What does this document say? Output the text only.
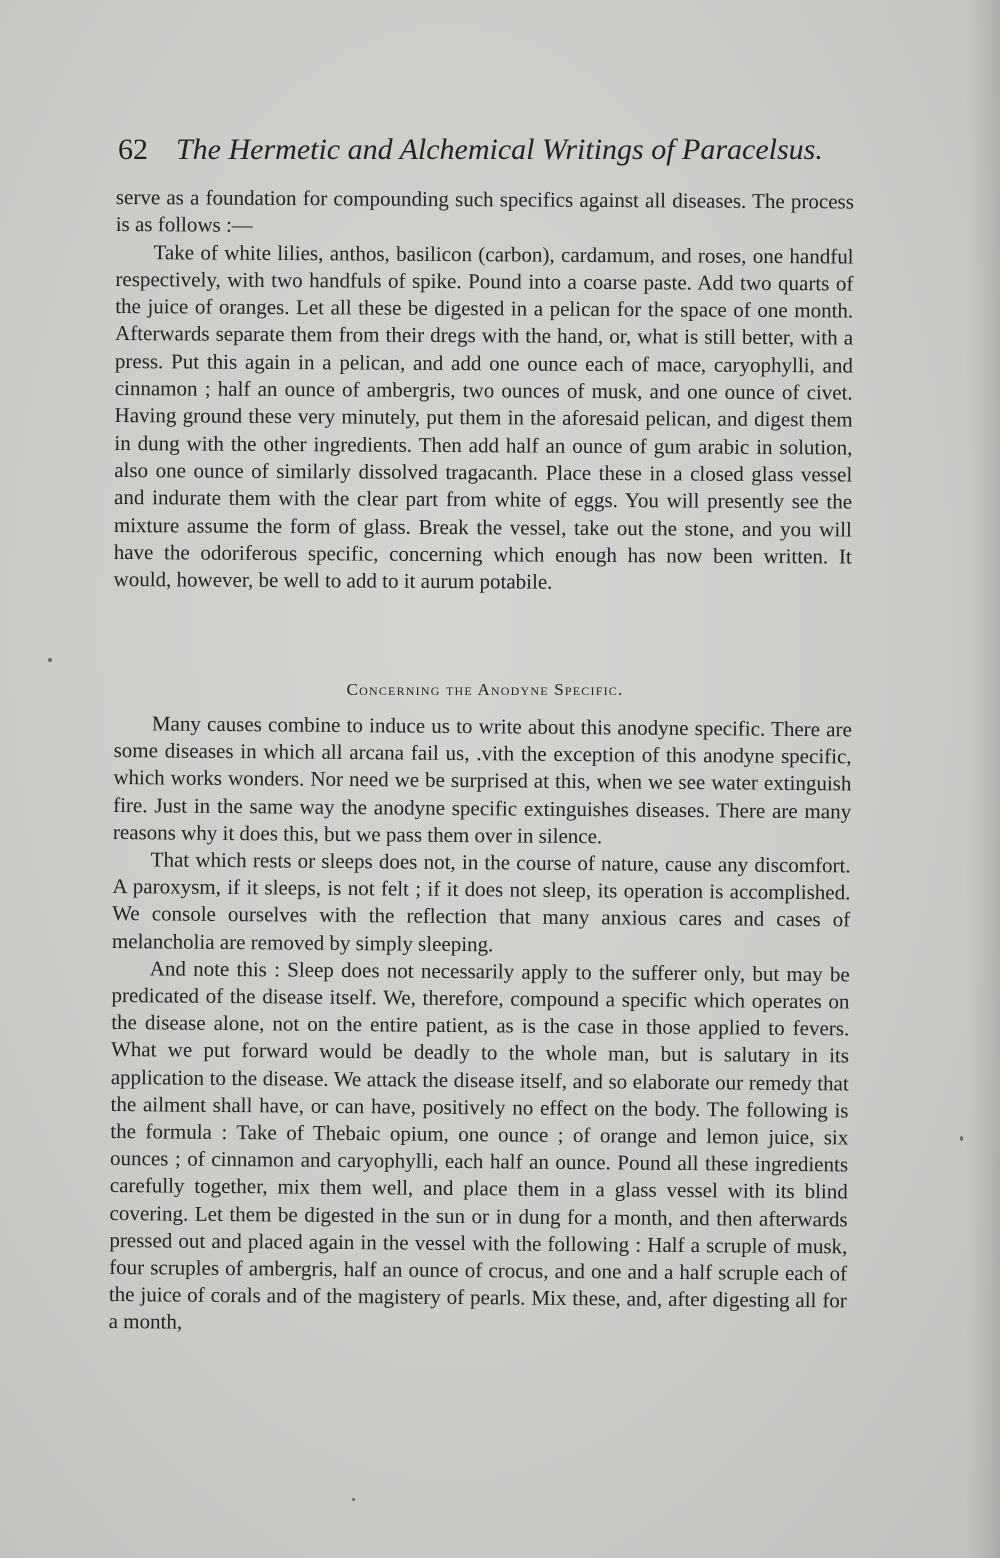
62 The Hermetic and Alchemical Writings of Paracelsus.

serve as a foundation for compounding such specifics against all diseases. The process is as follows :—

Take of white lilies, anthos, basilicon (carbon), cardamum, and roses, one handful respectively, with two handfuls of spike. Pound into a coarse paste. Add two quarts of the juice of oranges. Let all these be digested in a pelican for the space of one month. Afterwards separate them from their dregs with the hand, or, what is still better, with a press. Put this again in a pelican, and add one ounce each of mace, caryophylli, and cinnamon ; half an ounce of ambergris, two ounces of musk, and one ounce of civet. Having ground these very minutely, put them in the aforesaid pelican, and digest them in dung with the other ingredients. Then add half an ounce of gum arabic in solution, also one ounce of similarly dissolved tragacanth. Place these in a closed glass vessel and indurate them with the clear part from white of eggs. You will presently see the mixture assume the form of glass. Break the vessel, take out the stone, and you will have the odoriferous specific, concerning which enough has now been written. It would, however, be well to add to it aurum potabile.

Concerning the Anodyne Specific.

Many causes combine to induce us to write about this anodyne specific. There are some diseases in which all arcana fail us, .vith the exception of this anodyne specific, which works wonders. Nor need we be surprised at this, when we see water extinguish fire. Just in the same way the anodyne specific extinguishes diseases. There are many reasons why it does this, but we pass them over in silence.

That which rests or sleeps does not, in the course of nature, cause any discomfort. A paroxysm, if it sleeps, is not felt ; if it does not sleep, its operation is accomplished. We console ourselves with the reflection that many anxious cares and cases of melancholia are removed by simply sleeping.

And note this : Sleep does not necessarily apply to the sufferer only, but may be predicated of the disease itself. We, therefore, compound a specific which operates on the disease alone, not on the entire patient, as is the case in those applied to fevers. What we put forward would be deadly to the whole man, but is salutary in its application to the disease. We attack the disease itself, and so elaborate our remedy that the ailment shall have, or can have, positively no effect on the body. The following is the formula : Take of Thebaic opium, one ounce ; of orange and lemon juice, six ounces ; of cinnamon and caryophylli, each half an ounce. Pound all these ingredients carefully together, mix them well, and place them in a glass vessel with its blind covering. Let them be digested in the sun or in dung for a month, and then afterwards pressed out and placed again in the vessel with the following : Half a scruple of musk, four scruples of ambergris, half an ounce of crocus, and one and a half scruple each of the juice of corals and of the magistery of pearls. Mix these, and, after digesting all for a month,
